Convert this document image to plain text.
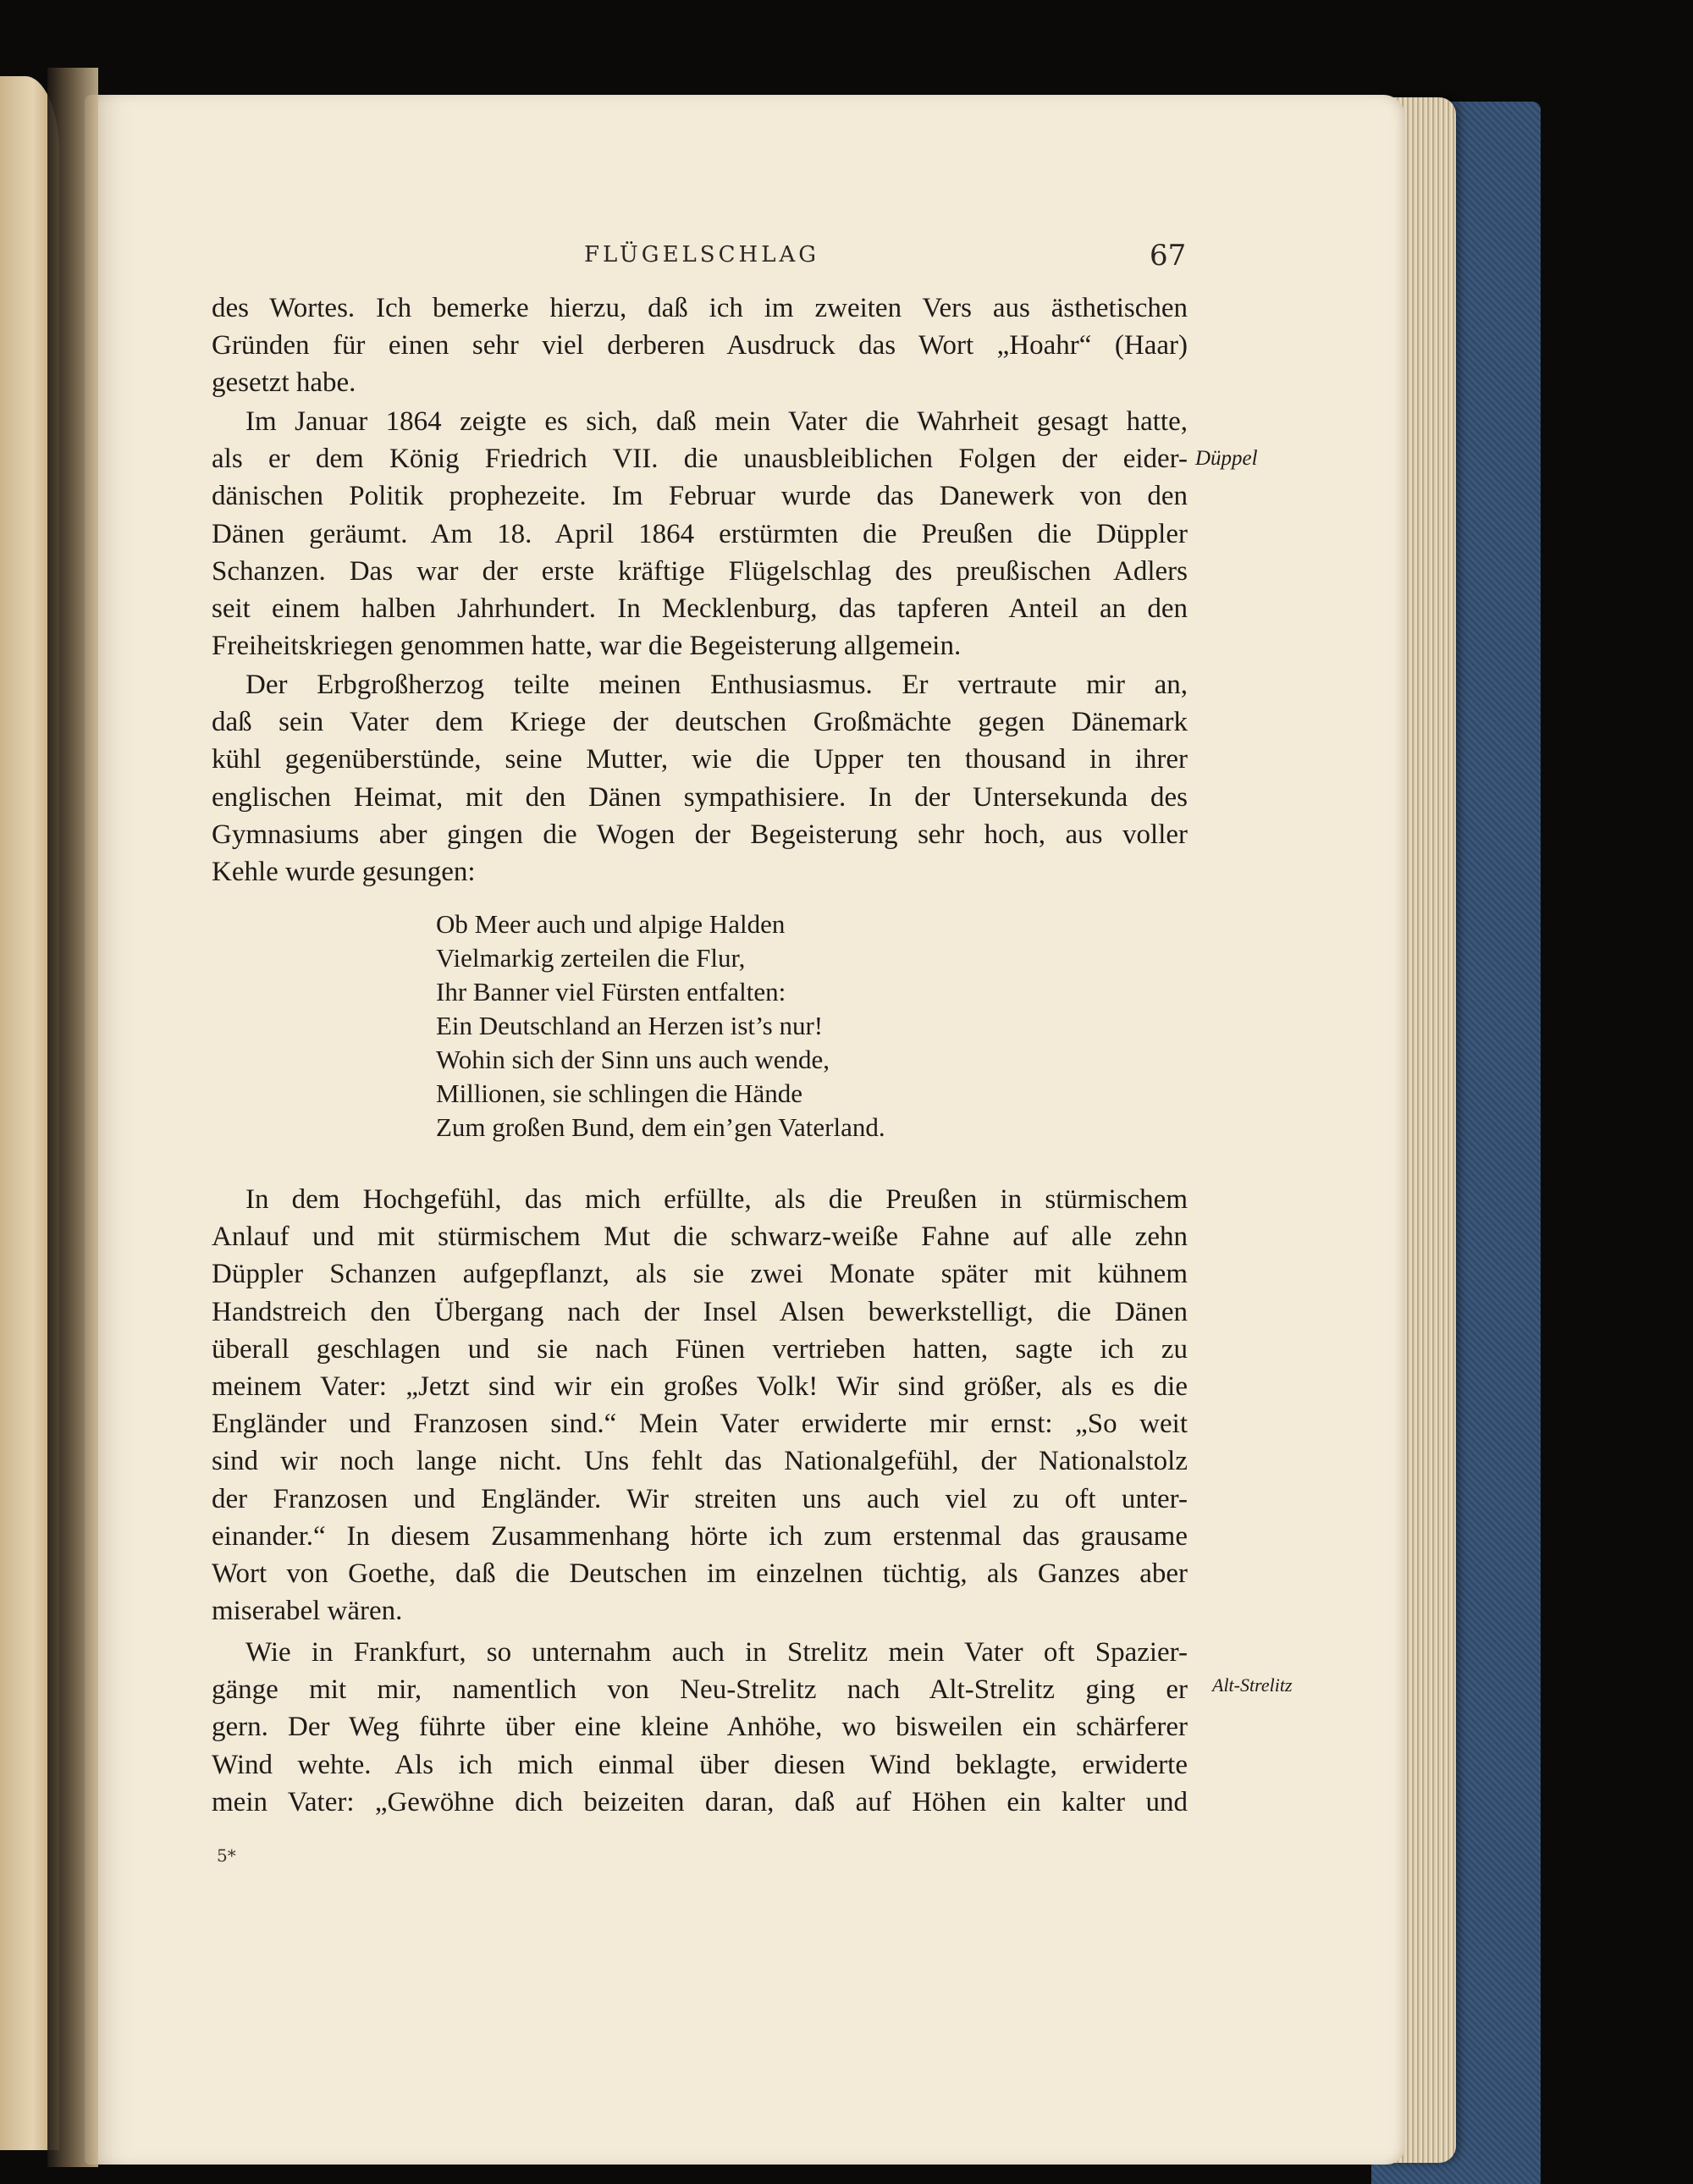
FLÜGELSCHLAG	67
des Wortes. Ich bemerke hierzu, daß ich im zweiten Vers aus ästhetischen
Gründen für einen sehr viel derberen Ausdruck das Wort „Hoahr“ (Haar)
gesetzt habe.
Im Januar 1864 zeigte es sich, daß mein Vater die Wahrheit gesagt hatte,
als er dem König Friedrich VII. die unausbleiblichen Folgen der eider-
dänischen Politik prophezeite. Im Februar wurde das Danewerk von den
Dänen geräumt. Am 18. April 1864 erstürmten die Preußen die Düppler
Schanzen. Das war der erste kräftige Flügelschlag des preußischen Adlers
seit einem halben Jahrhundert. In Mecklenburg, das tapferen Anteil an den
Freiheitskriegen genommen hatte, war die Begeisterung allgemein.
Der Erbgroßherzog teilte meinen Enthusiasmus. Er vertraute mir an,
daß sein Vater dem Kriege der deutschen Großmächte gegen Dänemark
kühl gegenüberstünde, seine Mutter, wie die Upper ten thousand in ihrer
englischen Heimat, mit den Dänen sympathisiere. In der Untersekunda des
Gymnasiums aber gingen die Wogen der Begeisterung sehr hoch, aus voller
Kehle wurde gesungen:
Ob Meer auch und alpige Halden
Vielmarkig zerteilen die Flur,
Ihr Banner viel Fürsten entfalten:
Ein Deutschland an Herzen ist’s nur!
Wohin sich der Sinn uns auch wende,
Millionen, sie schlingen die Hände
Zum großen Bund, dem ein’gen Vaterland.
In dem Hochgefühl, das mich erfüllte, als die Preußen in stürmischem
Anlauf und mit stürmischem Mut die schwarz-weiße Fahne auf alle zehn
Düppler Schanzen aufgepflanzt, als sie zwei Monate später mit kühnem
Handstreich den Übergang nach der Insel Alsen bewerkstelligt, die Dänen
überall geschlagen und sie nach Fünen vertrieben hatten, sagte ich zu
meinem Vater: „Jetzt sind wir ein großes Volk! Wir sind größer, als es die
Engländer und Franzosen sind.“ Mein Vater erwiderte mir ernst: „So weit
sind wir noch lange nicht. Uns fehlt das Nationalgefühl, der Nationalstolz
der Franzosen und Engländer. Wir streiten uns auch viel zu oft unter-
einander.“ In diesem Zusammenhang hörte ich zum erstenmal das grausame
Wort von Goethe, daß die Deutschen im einzelnen tüchtig, als Ganzes aber
miserabel wären.
Wie in Frankfurt, so unternahm auch in Strelitz mein Vater oft Spazier-
gänge mit mir, namentlich von Neu-Strelitz nach Alt-Strelitz ging er
gern. Der Weg führte über eine kleine Anhöhe, wo bisweilen ein schärferer
Wind wehte. Als ich mich einmal über diesen Wind beklagte, erwiderte
mein Vater: „Gewöhne dich beizeiten daran, daß auf Höhen ein kalter und
Düppel
Alt-Strelitz
5*
